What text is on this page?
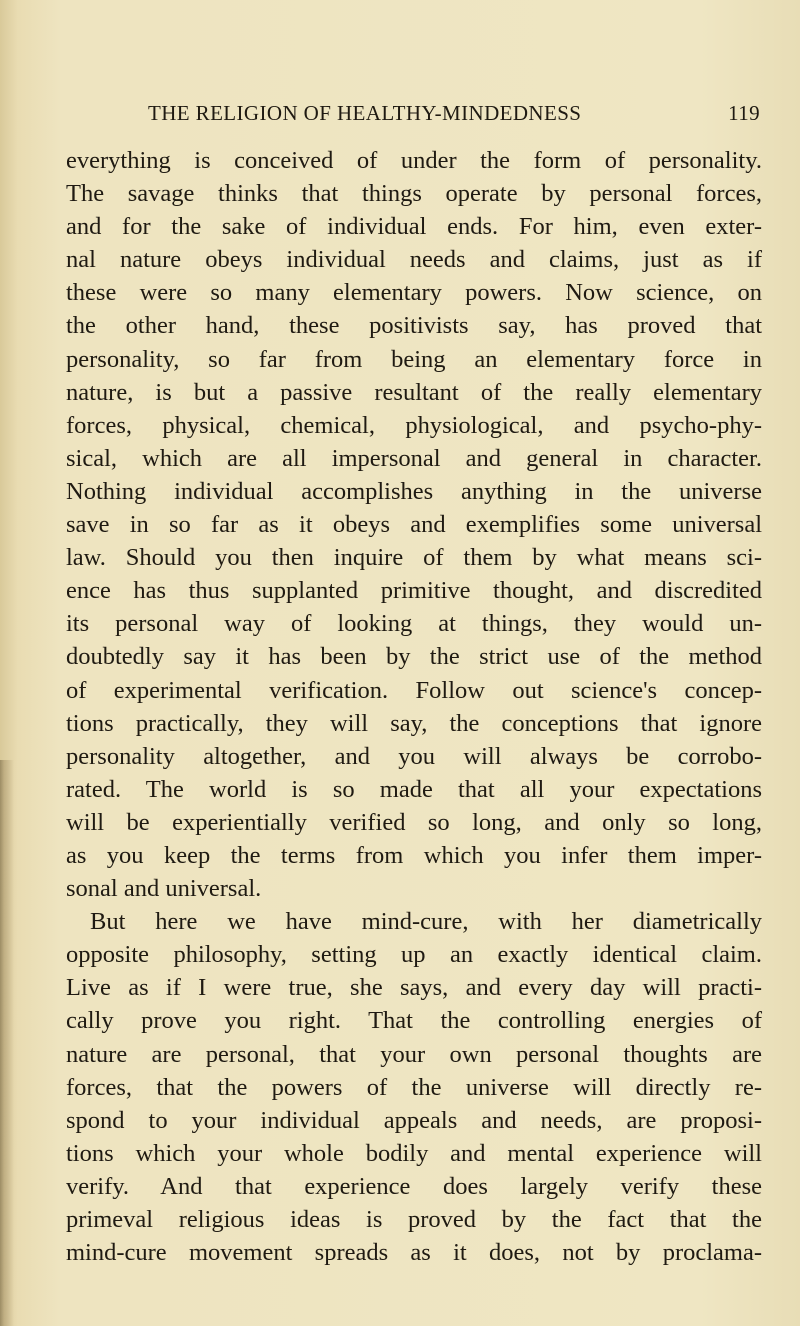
THE RELIGION OF HEALTHY-MINDEDNESS	119
everything is conceived of under the form of personality.
The savage thinks that things operate by personal forces,
and for the sake of individual ends. For him, even exter-
nal nature obeys individual needs and claims, just as if
these were so many elementary powers. Now science, on
the other hand, these positivists say, has proved that
personality, so far from being an elementary force in
nature, is but a passive resultant of the really elementary
forces, physical, chemical, physiological, and psycho-phy-
sical, which are all impersonal and general in character.
Nothing individual accomplishes anything in the universe
save in so far as it obeys and exemplifies some universal
law. Should you then inquire of them by what means sci-
ence has thus supplanted primitive thought, and discredited
its personal way of looking at things, they would un-
doubtedly say it has been by the strict use of the method
of experimental verification. Follow out science's concep-
tions practically, they will say, the conceptions that ignore
personality altogether, and you will always be corrobo-
rated. The world is so made that all your expectations
will be experientially verified so long, and only so long,
as you keep the terms from which you infer them imper-
sonal and universal.
But here we have mind-cure, with her diametrically
opposite philosophy, setting up an exactly identical claim.
Live as if I were true, she says, and every day will practi-
cally prove you right. That the controlling energies of
nature are personal, that your own personal thoughts are
forces, that the powers of the universe will directly re-
spond to your individual appeals and needs, are proposi-
tions which your whole bodily and mental experience will
verify. And that experience does largely verify these
primeval religious ideas is proved by the fact that the
mind-cure movement spreads as it does, not by proclama-
